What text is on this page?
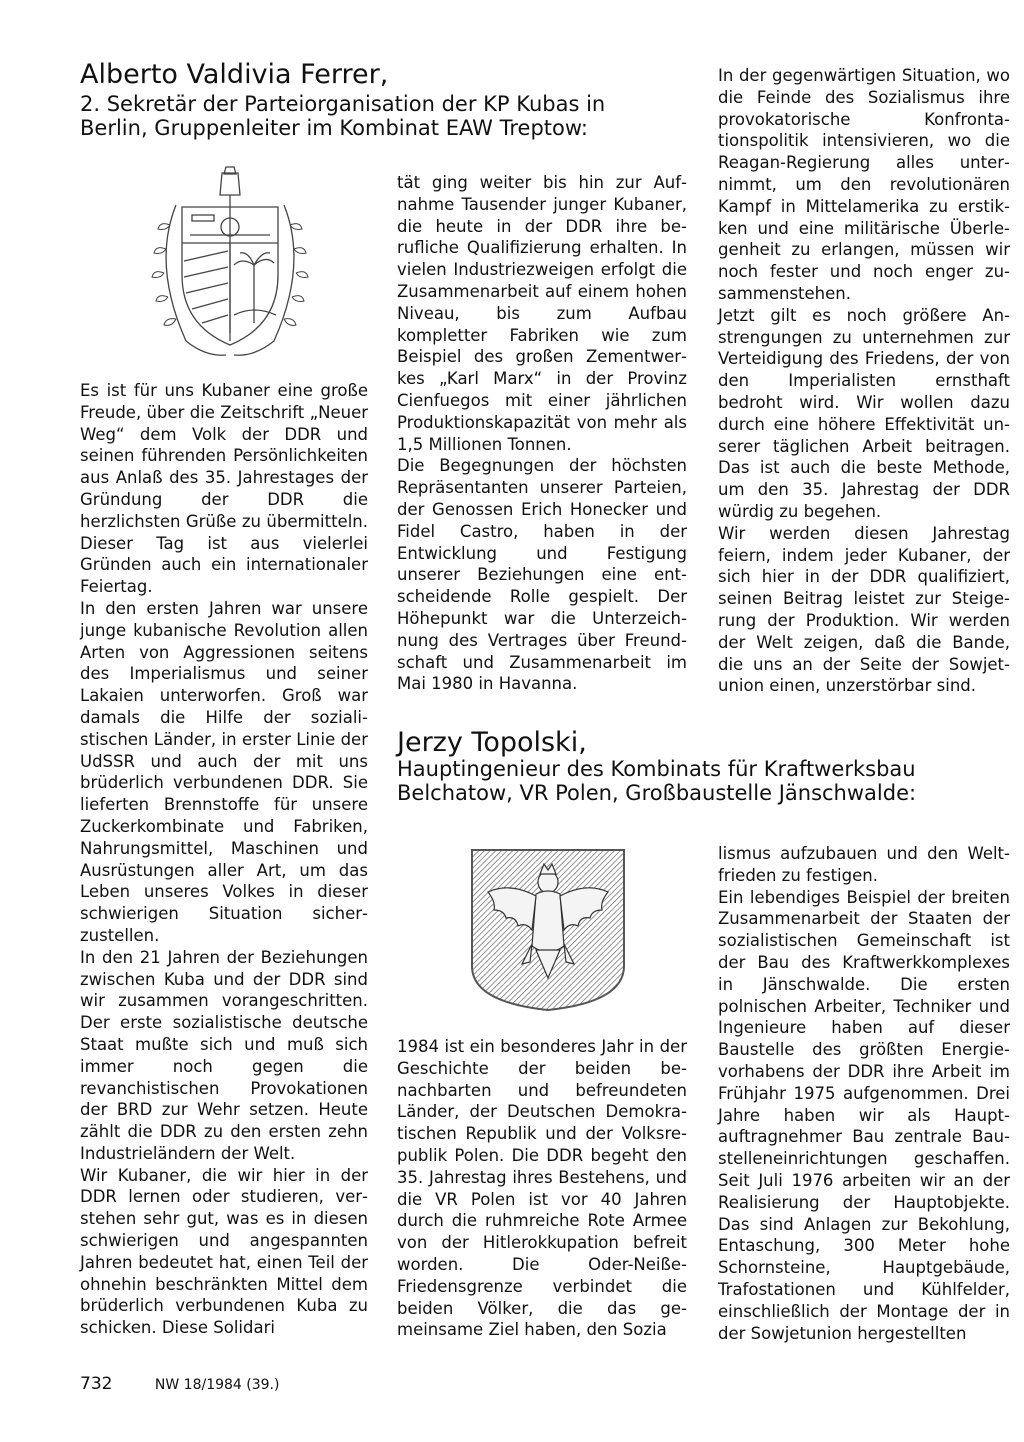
Alberto Valdivia Ferrer,
2. Sekretär der Parteiorganisation der KP Kubas in
Berlin, Gruppenleiter im Kombinat EAW Treptow:

Es ist für uns Kubaner eine große Freude, über die Zeitschrift „Neuer Weg“ dem Volk der DDR und seinen führenden Persönlichkeiten aus Anlaß des 35. Jahrestages der Gründung der DDR die herzlichsten Grüße zu übermitteln. Dieser Tag ist aus vielerlei Gründen auch ein internationaler Feiertag.

In den ersten Jahren war unsere junge kubanische Revolution allen Arten von Aggressionen seitens des Imperialismus und seiner Lakaien unterworfen. Groß war damals die Hilfe der sozialistischen Länder, in erster Linie der UdSSR und auch der mit uns brüderlich verbundenen DDR. Sie lieferten Brennstoffe für unsere Zuckerkombinate und Fabriken, Nahrungsmittel, Maschinen und Ausrüstungen aller Art, um das Leben unseres Volkes in dieser schwierigen Situation sicherzustellen.

In den 21 Jahren der Beziehungen zwischen Kuba und der DDR sind wir zusammen vorangeschritten. Der erste sozialistische deutsche Staat mußte sich und muß sich immer noch gegen die revanchistischen Provokationen der BRD zur Wehr setzen. Heute zählt die DDR zu den ersten zehn Industrieländern der Welt.

Wir Kubaner, die wir hier in der DDR lernen oder studieren, verstehen sehr gut, was es in diesen schwierigen und angespannten Jahren bedeutet hat, einen Teil der ohnehin beschränkten Mittel dem brüderlich verbundenen Kuba zu schicken. Diese Solidari

tät ging weiter bis hin zur Aufnahme Tausender junger Kubaner, die heute in der DDR ihre berufliche Qualifizierung erhalten. In vielen Industriezweigen erfolgt die Zusammenarbeit auf einem hohen Niveau, bis zum Aufbau kompletter Fabriken wie zum Beispiel des großen Zementwerkes „Karl Marx“ in der Provinz Cienfuegos mit einer jährlichen Produktionskapazität von mehr als 1,5 Millionen Tonnen.

Die Begegnungen der höchsten Repräsentanten unserer Parteien, der Genossen Erich Honecker und Fidel Castro, haben in der Entwicklung und Festigung unserer Beziehungen eine entscheidende Rolle gespielt. Der Höhepunkt war die Unterzeichnung des Vertrages über Freundschaft und Zusammenarbeit im Mai 1980 in Havanna.

In der gegenwärtigen Situation, wo die Feinde des Sozialismus ihre provokatorische Konfrontationspolitik intensivieren, wo die Reagan-Regierung alles unternimmt, um den revolutionären Kampf in Mittelamerika zu erstikken und eine militärische Überlegenheit zu erlangen, müssen wir noch fester und noch enger zusammenstehen.

Jetzt gilt es noch größere Anstrengungen zu unternehmen zur Verteidigung des Friedens, der von den Imperialisten ernsthaft bedroht wird. Wir wollen dazu durch eine höhere Effektivität unserer täglichen Arbeit beitragen. Das ist auch die beste Methode, um den 35. Jahrestag der DDR würdig zu begehen.

Wir werden diesen Jahrestag feiern, indem jeder Kubaner, der sich hier in der DDR qualifiziert, seinen Beitrag leistet zur Steigerung der Produktion. Wir werden der Welt zeigen, daß die Bande, die uns an der Seite der Sowjetunion einen, unzerstörbar sind.

Jerzy Topolski,
Hauptingenieur des Kombinats für Kraftwerksbau
Belchatow, VR Polen, Großbaustelle Jänschwalde:

1984 ist ein besonderes Jahr in der Geschichte der beiden benachbarten und befreundeten Länder, der Deutschen Demokratischen Republik und der Volksrepublik Polen. Die DDR begeht den 35. Jahrestag ihres Bestehens, und die VR Polen ist vor 40 Jahren durch die ruhmreiche Rote Armee von der Hitlerokkupation befreit worden. Die Oder-Neiße-Friedensgrenze verbindet die beiden Völker, die das gemeinsame Ziel haben, den Sozia

lismus aufzubauen und den Weltfrieden zu festigen.

Ein lebendiges Beispiel der breiten Zusammenarbeit der Staaten der sozialistischen Gemeinschaft ist der Bau des Kraftwerkkomplexes in Jänschwalde. Die ersten polnischen Arbeiter, Techniker und Ingenieure haben auf dieser Baustelle des größten Energievorhabens der DDR ihre Arbeit im Frühjahr 1975 aufgenommen. Drei Jahre haben wir als Hauptauftragnehmer Bau zentrale Baustelleneinrichtungen geschaffen. Seit Juli 1976 arbeiten wir an der Realisierung der Hauptobjekte. Das sind Anlagen zur Bekohlung, Entaschung, 300 Meter hohe Schornsteine, Hauptgebäude, Trafostationen und Kühlfelder, einschließlich der Montage der in der Sowjetunion hergestellten

732	NW 18/1984 (39.)
